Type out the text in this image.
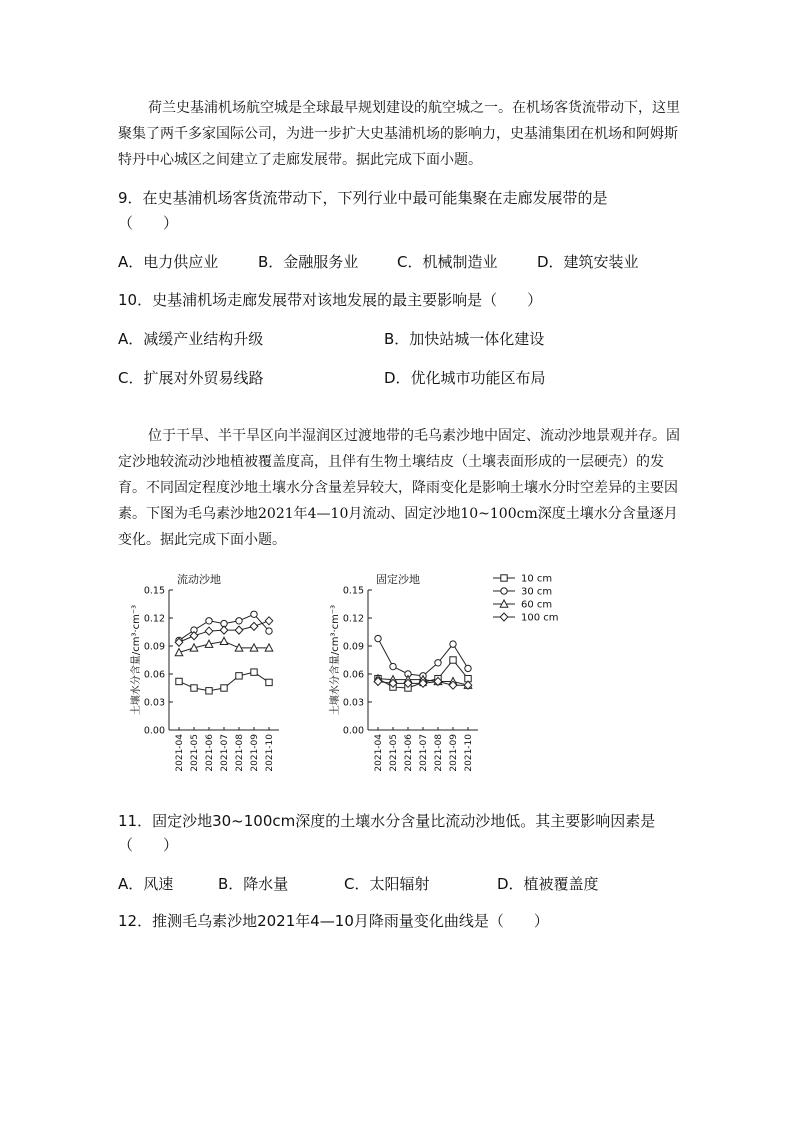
荷兰史基浦机场航空城是全球最早规划建设的航空城之一。在机场客货流带动下，这里聚集了两千多家国际公司，为进一步扩大史基浦机场的影响力，史基浦集团在机场和阿姆斯特丹中心城区之间建立了走廊发展带。据此完成下面小题。

9．在史基浦机场客货流带动下，下列行业中最可能集聚在走廊发展带的是

（　　）

A．电力供应业	B．金融服务业	C．机械制造业	D．建筑安装业

10．史基浦机场走廊发展带对该地发展的最主要影响是（　　）

A．减缓产业结构升级	B．加快站城一体化建设
C．扩展对外贸易线路	D．优化城市功能区布局

位于干旱、半干旱区向半湿润区过渡地带的毛乌素沙地中固定、流动沙地景观并存。固定沙地较流动沙地植被覆盖度高，且伴有生物土壤结皮（土壤表面形成的一层硬壳）的发育。不同固定程度沙地土壤水分含量差异较大，降雨变化是影响土壤水分时空差异的主要因素。下图为毛乌素沙地2021年4—10月流动、固定沙地10~100cm深度土壤水分含量逐月变化。据此完成下面小题。

流动沙地
0.00
0.03
0.06
0.09
0.12
0.15
土壤水分含量/cm³·cm⁻³
2021-04 2021-05 2021-06 2021-07 2021-08 2021-09 2021-10
固定沙地
0.00
0.03
0.06
0.09
0.12
0.15
土壤水分含量/cm³·cm⁻³
2021-04 2021-05 2021-06 2021-07 2021-08 2021-09 2021-10
10 cm
30 cm
60 cm
100 cm

11．固定沙地30~100cm深度的土壤水分含量比流动沙地低。其主要影响因素是

（　　）

A．风速	B．降水量	C．太阳辐射	D．植被覆盖度

12．推测毛乌素沙地2021年4—10月降雨量变化曲线是（　　）
